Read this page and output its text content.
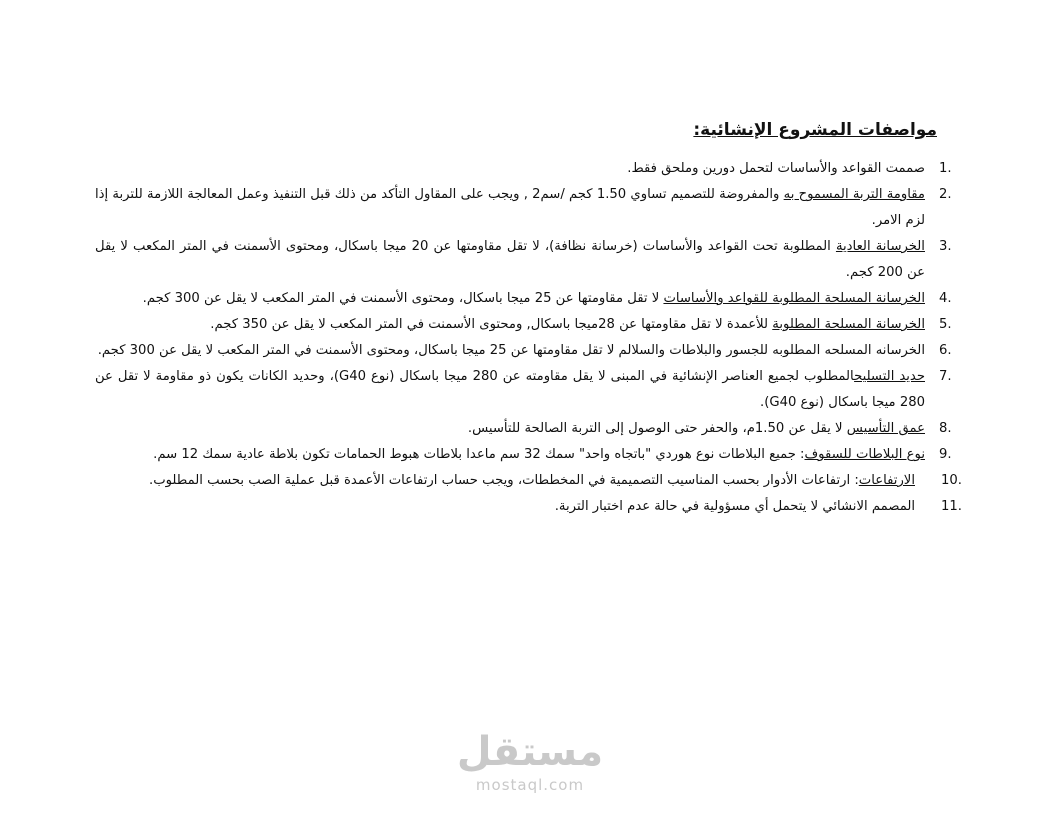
مواصفات المشروع الإنشائية:
1.
صممت القواعد والأساسات لتحمل دورين وملحق فقط.
2.
مقاومة التربة المسموح به والمفروضة للتصميم تساوي 1.50 كجم /سم2 , ويجب على المقاول التأكد من ذلك قبل التنفيذ وعمل المعالجة اللازمة للتربة إذا لزم الامر.
3.
الخرسانة العادية المطلوبة تحت القواعد والأساسات (خرسانة نظافة)، لا تقل مقاومتها عن 20 ميجا باسكال، ومحتوى الأسمنت في المتر المكعب لا يقل عن 200 كجم.
4.
الخرسانة المسلحة المطلوبة للقواعد والأساسات لا تقل مقاومتها عن 25 ميجا باسكال، ومحتوى الأسمنت في المتر المكعب لا يقل عن 300 كجم.
5.
الخرسانة المسلحة المطلوبة للأعمدة لا تقل مقاومتها عن 28ميجا باسكال, ومحتوى الأسمنت في المتر المكعب لا يقل عن 350 كجم.
6.
الخرسانه المسلحه المطلوبه للجسور والبلاطات والسلالم لا تقل مقاومتها عن 25 ميجا باسكال، ومحتوى الأسمنت في المتر المكعب لا يقل عن 300 كجم.
7.
حديد التسليحالمطلوب لجميع العناصر الإنشائية في المبنى لا يقل مقاومته عن 280 ميجا باسكال (نوع G40)، وحديد الكانات يكون ذو مقاومة لا تقل عن 280 ميجا باسكال (نوع G40).
8.
عمق التأسيس لا يقل عن 1.50م، والحفر حتى الوصول إلى التربة الصالحة للتأسيس.
9.
نوع البلاطات للسقوف: جميع البلاطات نوع هوردي "باتجاه واحد" سمك 32 سم ماعدا بلاطات هبوط الحمامات تكون بلاطة عادية سمك 12 سم.
10.
الارتفاعات: ارتفاعات الأدوار بحسب المناسيب التصميمية في المخططات، ويجب حساب ارتفاعات الأعمدة قبل عملية الصب بحسب المطلوب.
11.
المصمم الانشائي لا يتحمل أي مسؤولية في حالة عدم اختبار التربة.
مستقل
mostaql.com
